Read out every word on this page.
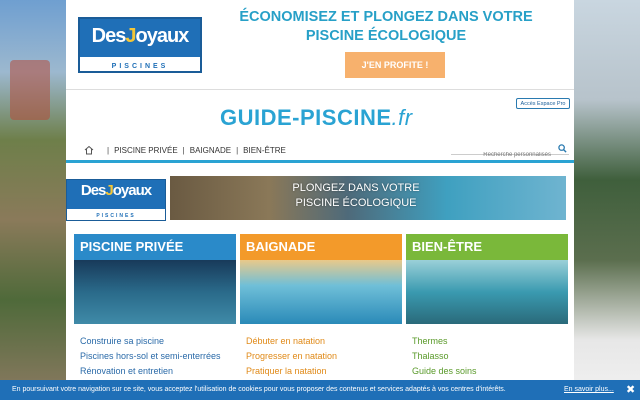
DesJoyaux
PISCINES
ÉCONOMISEZ ET PLONGEZ DANS VOTRE
PISCINE ÉCOLOGIQUE
J'EN PROFITE !
Accès Espace Pro
GUIDE-PISCINE.fr
| PISCINE PRIVÉE | BAIGNADE | BIEN-ÊTRE
Recherche personnalisés
DesJoyaux
PISCINES
PLONGEZ DANS VOTRE
PISCINE ÉCOLOGIQUE
PISCINE PRIVÉE
Construire sa piscine
Piscines hors-sol et semi-enterrées
Rénovation et entretien
BAIGNADE
Débuter en natation
Progresser en natation
Pratiquer la natation
BIEN-ÊTRE
Thermes
Thalasso
Guide des soins
En poursuivant votre navigation sur ce site, vous acceptez l'utilisation de cookies pour vous proposer des contenus et services adaptés à vos centres d'intérêts.	En savoir plus... ✖
